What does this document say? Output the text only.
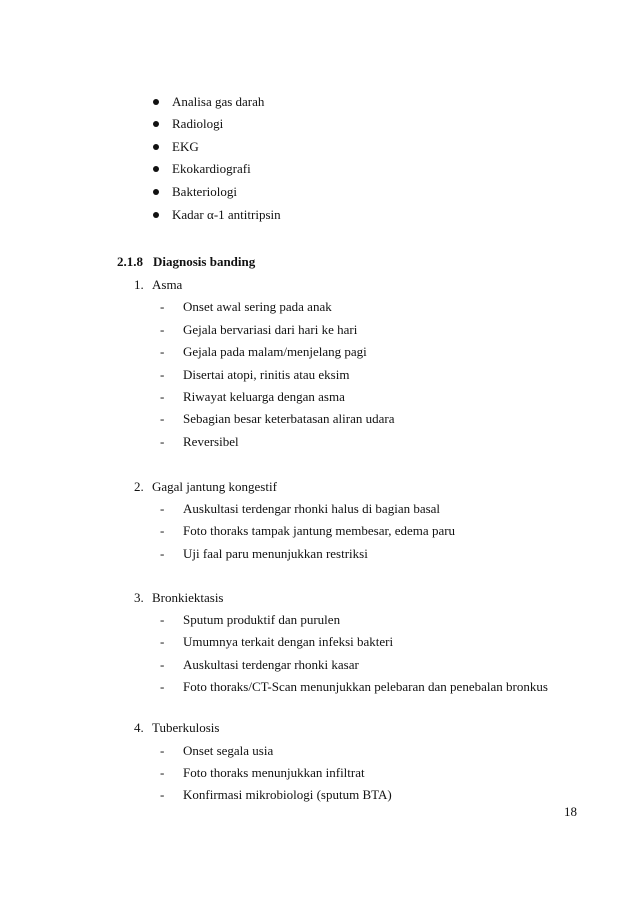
Analisa gas darah
Radiologi
EKG
Ekokardiografi
Bakteriologi
Kadar α-1 antitripsin
2.1.8 Diagnosis banding
1. Asma
- Onset awal sering pada anak
- Gejala bervariasi dari hari ke hari
- Gejala pada malam/menjelang pagi
- Disertai atopi, rinitis atau eksim
- Riwayat keluarga dengan asma
- Sebagian besar keterbatasan aliran udara
- Reversibel
2. Gagal jantung kongestif
- Auskultasi terdengar rhonki halus di bagian basal
- Foto thoraks tampak jantung membesar, edema paru
- Uji faal paru menunjukkan restriksi
3. Bronkiektasis
- Sputum produktif dan purulen
- Umumnya terkait dengan infeksi bakteri
- Auskultasi terdengar rhonki kasar
- Foto thoraks/CT-Scan menunjukkan pelebaran dan penebalan bronkus
4. Tuberkulosis
- Onset segala usia
- Foto thoraks menunjukkan infiltrat
- Konfirmasi mikrobiologi (sputum BTA)
18
